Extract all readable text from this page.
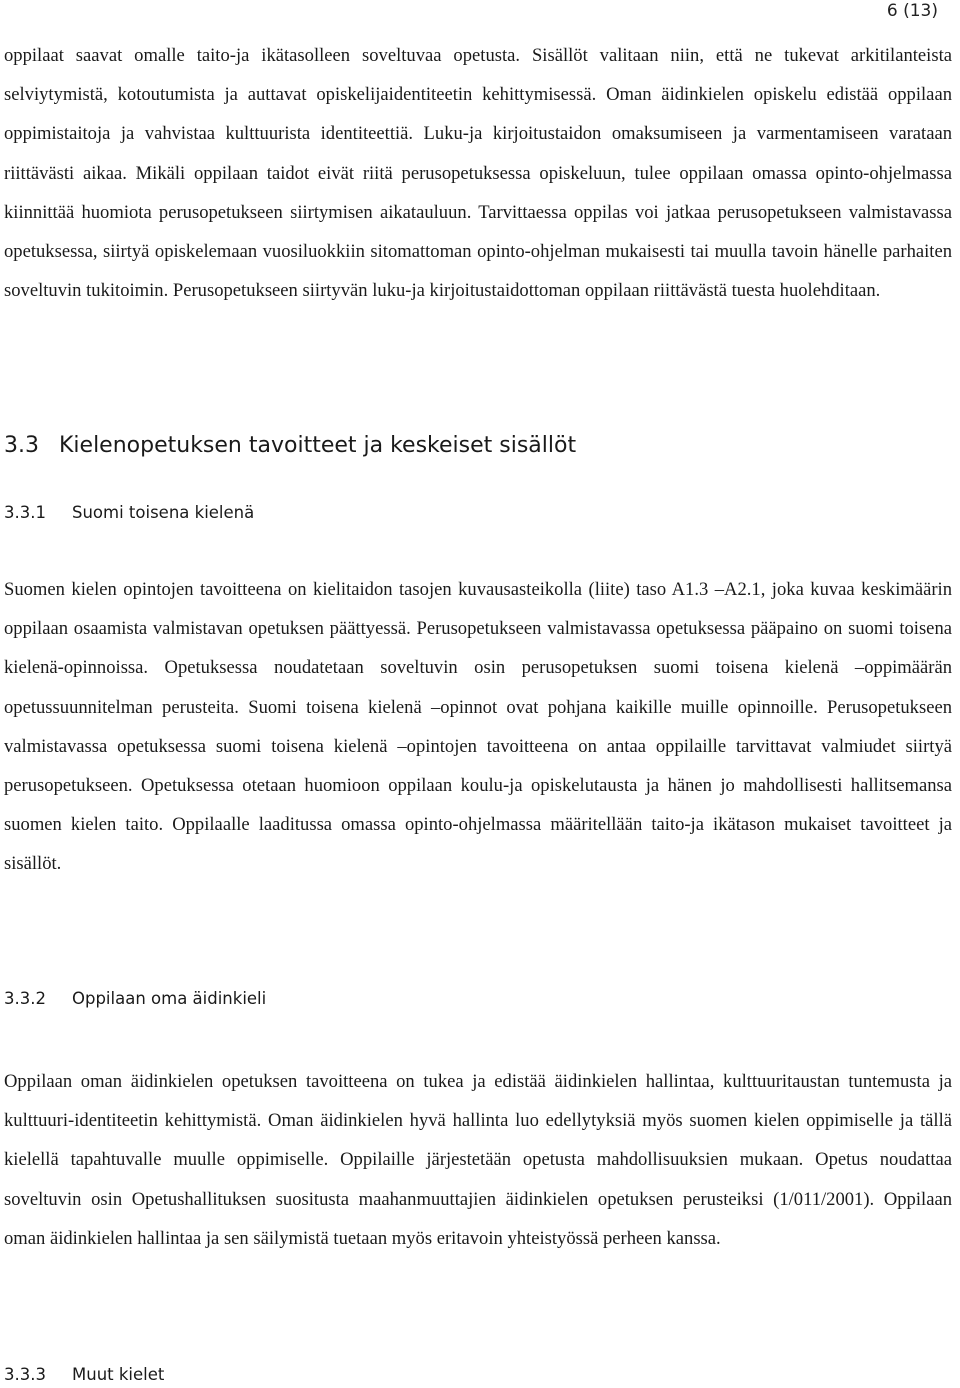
6 (13)

oppilaat saavat omalle taito-ja ikätasolleen soveltuvaa opetusta. Sisällöt valitaan niin, että ne tukevat arkitilanteista selviytymistä, kotoutumista ja auttavat opiskelijaidentiteetin kehittymisessä. Oman äidinkielen opiskelu edistää oppilaan oppimistaitoja ja vahvistaa kulttuurista identiteettiä. Luku-ja kirjoitustaidon omaksumiseen ja varmentamiseen varataan riittävästi aikaa. Mikäli oppilaan taidot eivät riitä perusopetuksessa opiskeluun, tulee oppilaan omassa opinto-ohjelmassa kiinnittää huomiota perusopetukseen siirtymisen aikatauluun. Tarvittaessa oppilas voi jatkaa perusopetukseen valmistavassa opetuksessa, siirtyä opiskelemaan vuosiluokkiin sitomattoman opinto-ohjelman mukaisesti tai muulla tavoin hänelle parhaiten soveltuvin tukitoimin. Perusopetukseen siirtyvän luku-ja kirjoitustaidottoman oppilaan riittävästä tuesta huolehditaan.

3.3 Kielenopetuksen tavoitteet ja keskeiset sisällöt
3.3.1	Suomi toisena kielenä

Suomen kielen opintojen tavoitteena on kielitaidon tasojen kuvausasteikolla (liite) taso A1.3 –A2.1, joka kuvaa keskimäärin oppilaan osaamista valmistavan opetuksen päättyessä. Perusopetukseen valmistavassa opetuksessa pääpaino on suomi toisena kielenä-opinnoissa. Opetuksessa noudatetaan soveltuvin osin perusopetuksen suomi toisena kielenä –oppimäärän opetussuunnitelman perusteita. Suomi toisena kielenä –opinnot ovat pohjana kaikille muille opinnoille. Perusopetukseen valmistavassa opetuksessa suomi toisena kielenä –opintojen tavoitteena on antaa oppilaille tarvittavat valmiudet siirtyä perusopetukseen. Opetuksessa otetaan huomioon oppilaan koulu-ja opiskelutausta ja hänen jo mahdollisesti hallitsemansa suomen kielen taito. Oppilaalle laaditussa omassa opinto-ohjelmassa määritellään taito-ja ikätason mukaiset tavoitteet ja sisällöt.

3.3.2	Oppilaan oma äidinkieli

Oppilaan oman äidinkielen opetuksen tavoitteena on tukea ja edistää äidinkielen hallintaa, kulttuuritaustan tuntemusta ja kulttuuri-identiteetin kehittymistä. Oman äidinkielen hyvä hallinta luo edellytyksiä myös suomen kielen oppimiselle ja tällä kielellä tapahtuvalle muulle oppimiselle. Oppilaille järjestetään opetusta mahdollisuuksien mukaan. Opetus noudattaa soveltuvin osin Opetushallituksen suositusta maahanmuuttajien äidinkielen opetuksen perusteiksi (1/011/2001). Oppilaan oman äidinkielen hallintaa ja sen säilymistä tuetaan myös eritavoin yhteistyössä perheen kanssa.

3.3.3	Muut kielet
